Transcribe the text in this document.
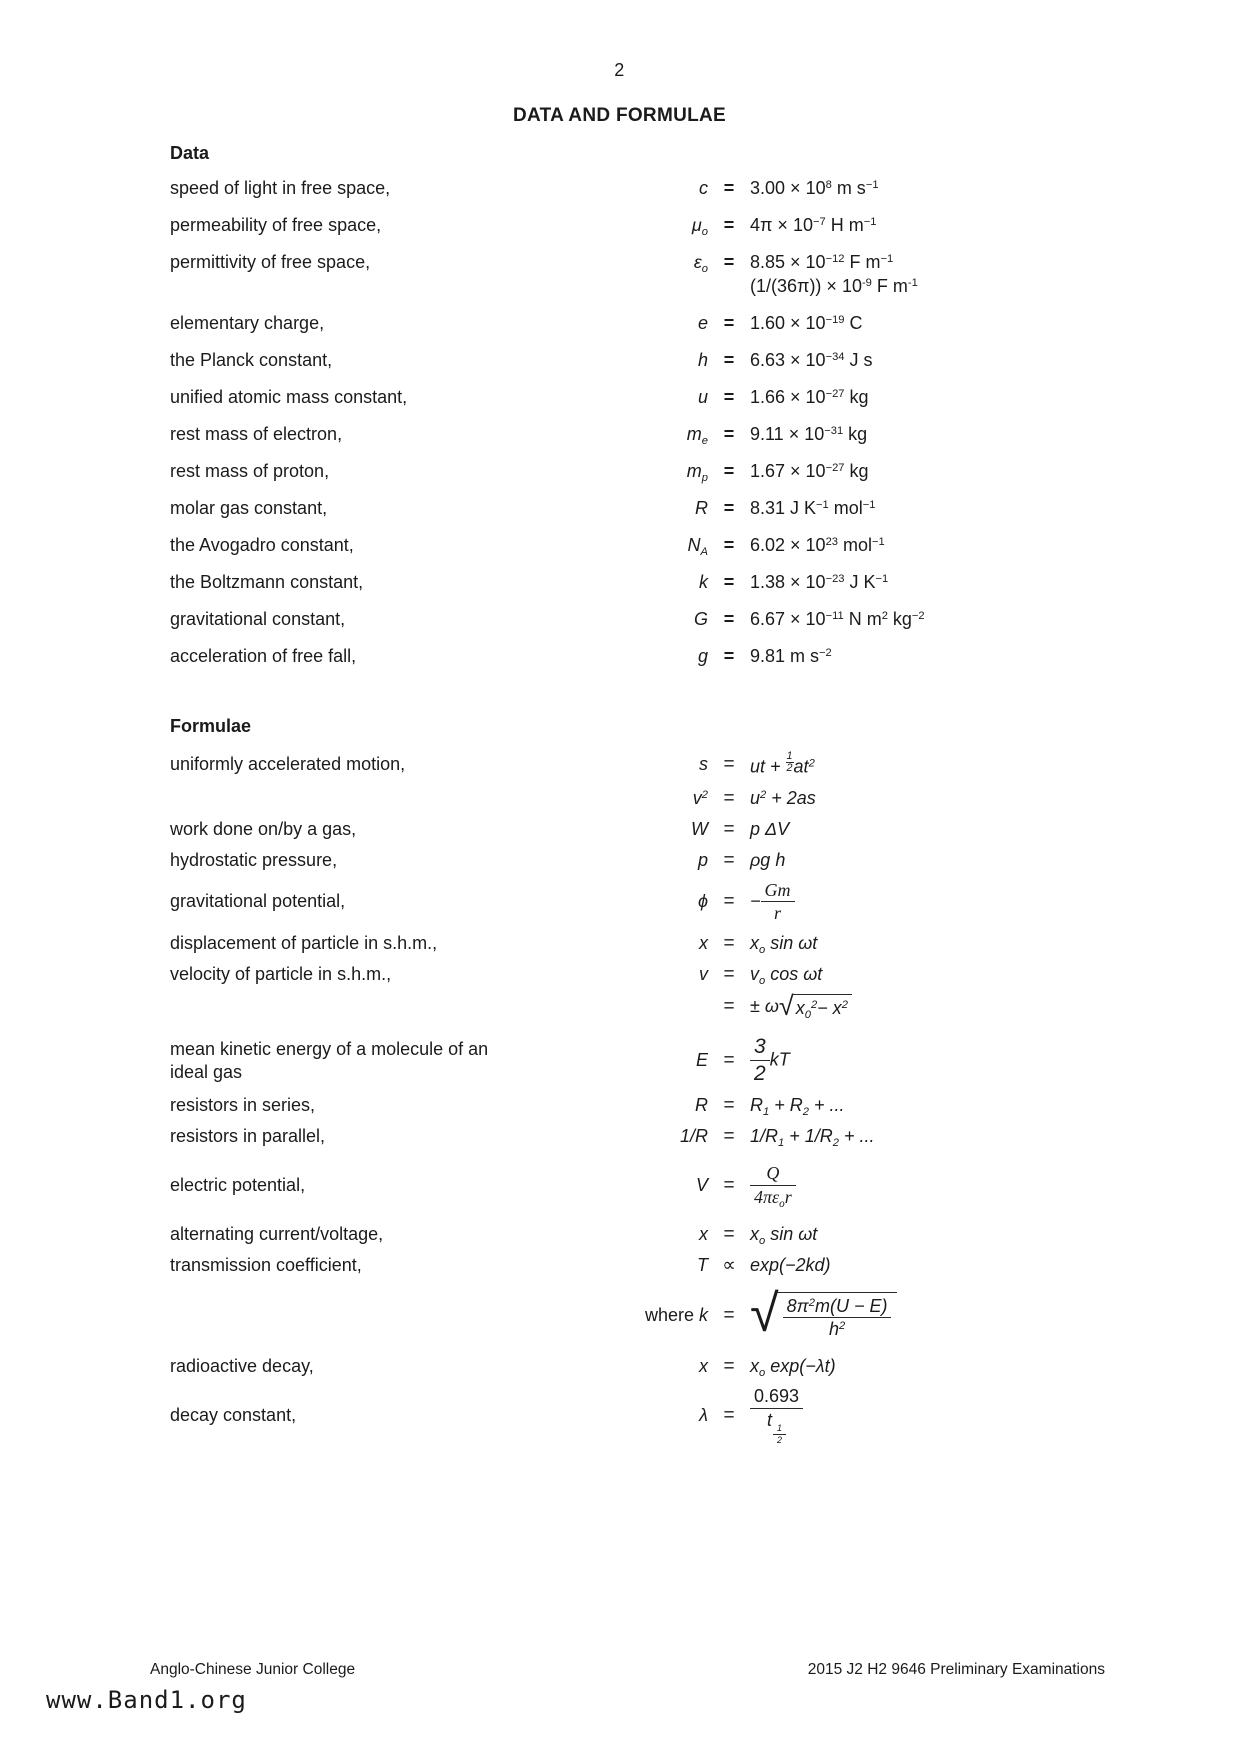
2
DATA AND FORMULAE
Data
speed of light in free space,	$c = 3.00 \times 10^8$ m $s^{-1}$
permeability of free space,	$\mu_o = 4\pi \times 10^{-7}$ H $m^{-1}$
permittivity of free space,	$\varepsilon_o = 8.85 \times 10^{-12}$ F $m^{-1}$
$(1/(36\pi)) \times 10^{-9}$ F $m^{-1}$
elementary charge,	$e = 1.60 \times 10^{-19}$ C
the Planck constant,	$h = 6.63 \times 10^{-34}$ J s
unified atomic mass constant,	$u = 1.66 \times 10^{-27}$ kg
rest mass of electron,	$m_e = 9.11 \times 10^{-31}$ kg
rest mass of proton,	$m_p = 1.67 \times 10^{-27}$ kg
molar gas constant,	R = 8.31 J $K^{-1}$ mol$^{-1}$
the Avogadro constant,	$N_A = 6.02 \times 10^{23}$ mol$^{-1}$
the Boltzmann constant,	$k = 1.38 \times 10^{-23}$ J $K^{-1}$
gravitational constant,	$G = 6.67 \times 10^{-11}$ N $m^2$ $kg^{-2}$
acceleration of free fall,	g = 9.81 m $s^{-2}$
Formulae
uniformly accelerated motion,	s = ut + $\frac{1}{2} at^2$
$v^2 = u^2 + 2as$
work done on/by a gas,	W = p ΔV
hydrostatic pressure,	p = ρg h
gravitational potential,	ϕ = − $\frac{Gm}{r}$
displacement of particle in s.h.m.,	$x = x_o$ sin ωt
velocity of particle in s.h.m.,	$v = v_o$ cos ωt
= ± ω √ $x_0^2- x^2$
mean kinetic energy of a molecule of an
ideal gas
$E = \frac{3}{2}$ kT
resistors in series,	$R = R_1 + R_2$ + ...
resistors in parallel,	$1/R = 1/R_1 + 1/R_2$ + ...
electric potential,	$V = \frac{Q}{4\pi\varepsilon_or}$
alternating current/voltage,	$x = x_o$ sin ωt
transmission coefficient,	T ∝ exp(−2kd)
where k = √ $\frac{8\pi^2m(U - E)}{h^2}$
radioactive decay,	$x = x_o$ exp(−λt)
decay constant,	λ = 0.693
t
$\frac{1}{2}$
Anglo-Chinese Junior College	2015 J2 H2 9646 Preliminary Examinations
www.Band1.org
